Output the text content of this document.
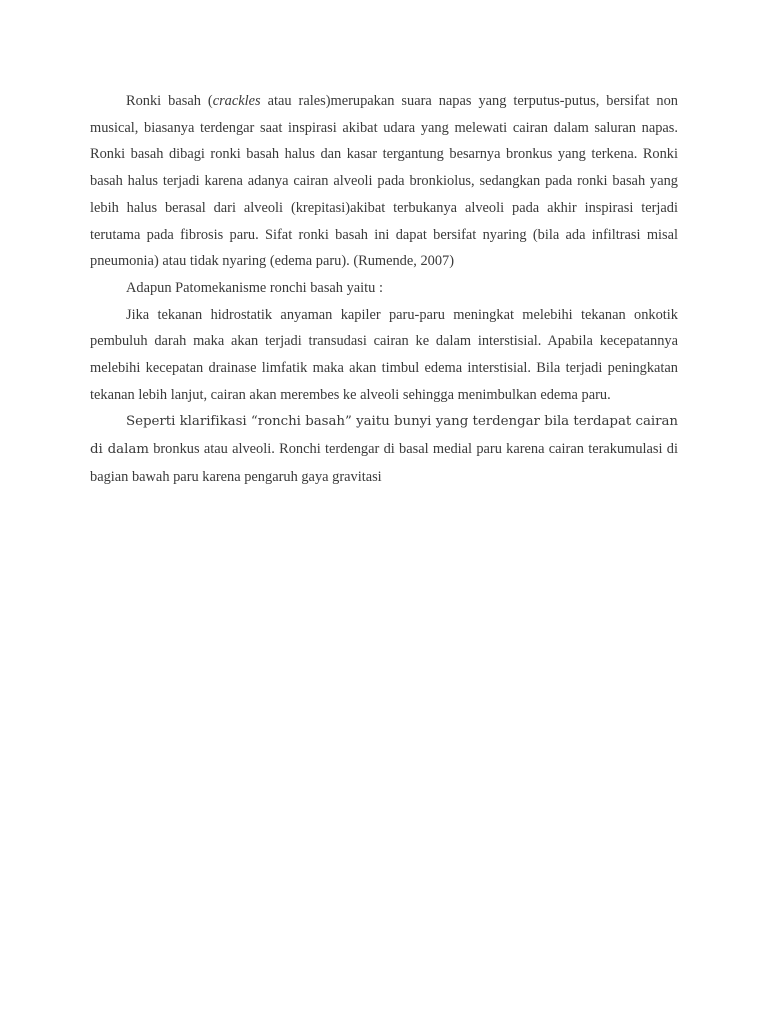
Ronki basah (crackles atau rales)merupakan suara napas yang terputus-putus, bersifat non musical, biasanya terdengar saat inspirasi akibat udara yang melewati cairan dalam saluran napas. Ronki basah dibagi ronki basah halus dan kasar tergantung besarnya bronkus yang terkena. Ronki basah halus terjadi karena adanya cairan alveoli pada bronkiolus, sedangkan pada ronki basah yang lebih halus berasal dari alveoli (krepitasi)akibat terbukanya alveoli pada akhir inspirasi terjadi terutama pada fibrosis paru. Sifat ronki basah ini dapat bersifat nyaring (bila ada infiltrasi misal pneumonia) atau tidak nyaring (edema paru). (Rumende, 2007)

Adapun Patomekanisme ronchi basah yaitu :

Jika tekanan hidrostatik anyaman kapiler paru-paru meningkat melebihi tekanan onkotik pembuluh darah maka akan terjadi transudasi cairan ke dalam interstisial. Apabila kecepatannya melebihi kecepatan drainase limfatik maka akan timbul edema interstisial. Bila terjadi peningkatan tekanan lebih lanjut, cairan akan merembes ke alveoli sehingga menimbulkan edema paru.

Seperti klarifikasi “ronchi basah” yaitu bunyi yang terdengar bila terdapat cairan di dalam bronkus atau alveoli. Ronchi terdengar di basal medial paru karena cairan terakumulasi di bagian bawah paru karena pengaruh gaya gravitasi
